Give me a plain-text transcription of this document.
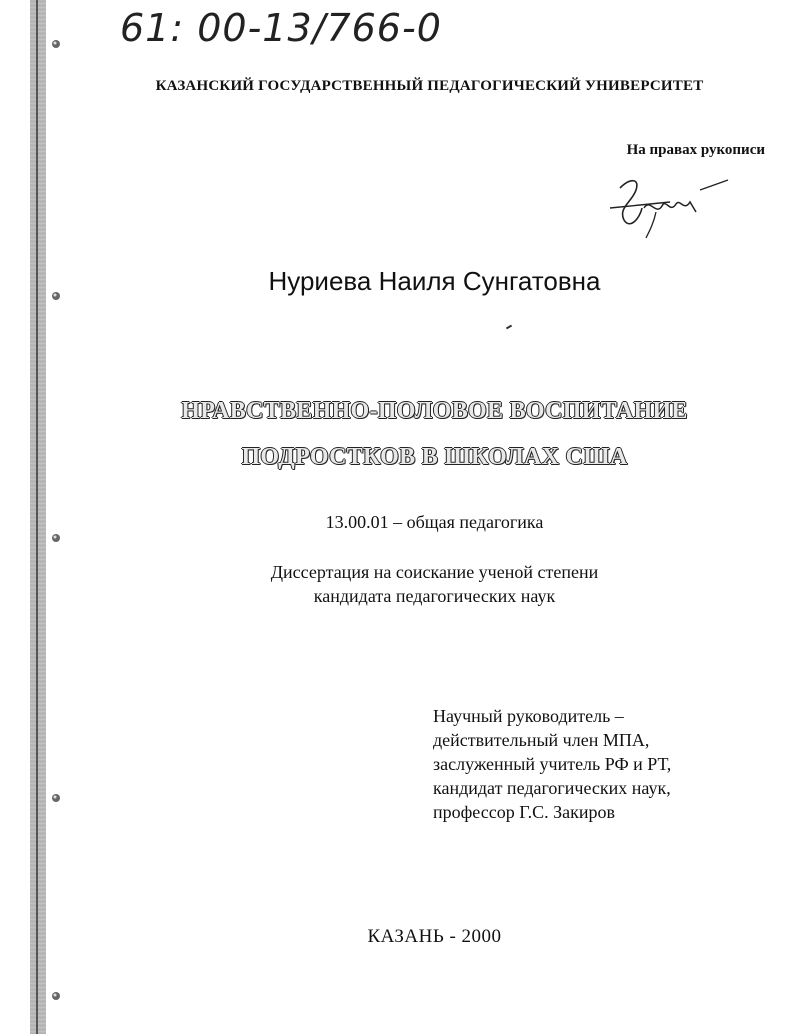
61: 00-13/766-0
КАЗАНСКИЙ ГОСУДАРСТВЕННЫЙ ПЕДАГОГИЧЕСКИЙ УНИВЕРСИТЕТ
На правах рукописи
Нуриева Наиля Сунгатовна
НРАВСТВЕННО-ПОЛОВОЕ ВОСПИТАНИЕ
ПОДРОСТКОВ В ШКОЛАХ США
13.00.01 – общая педагогика
Диссертация на соискание ученой степени
кандидата педагогических наук
Научный руководитель –
действительный член МПА,
заслуженный учитель РФ и РТ,
кандидат педагогических наук,
профессор Г.С. Закиров
КАЗАНЬ - 2000
